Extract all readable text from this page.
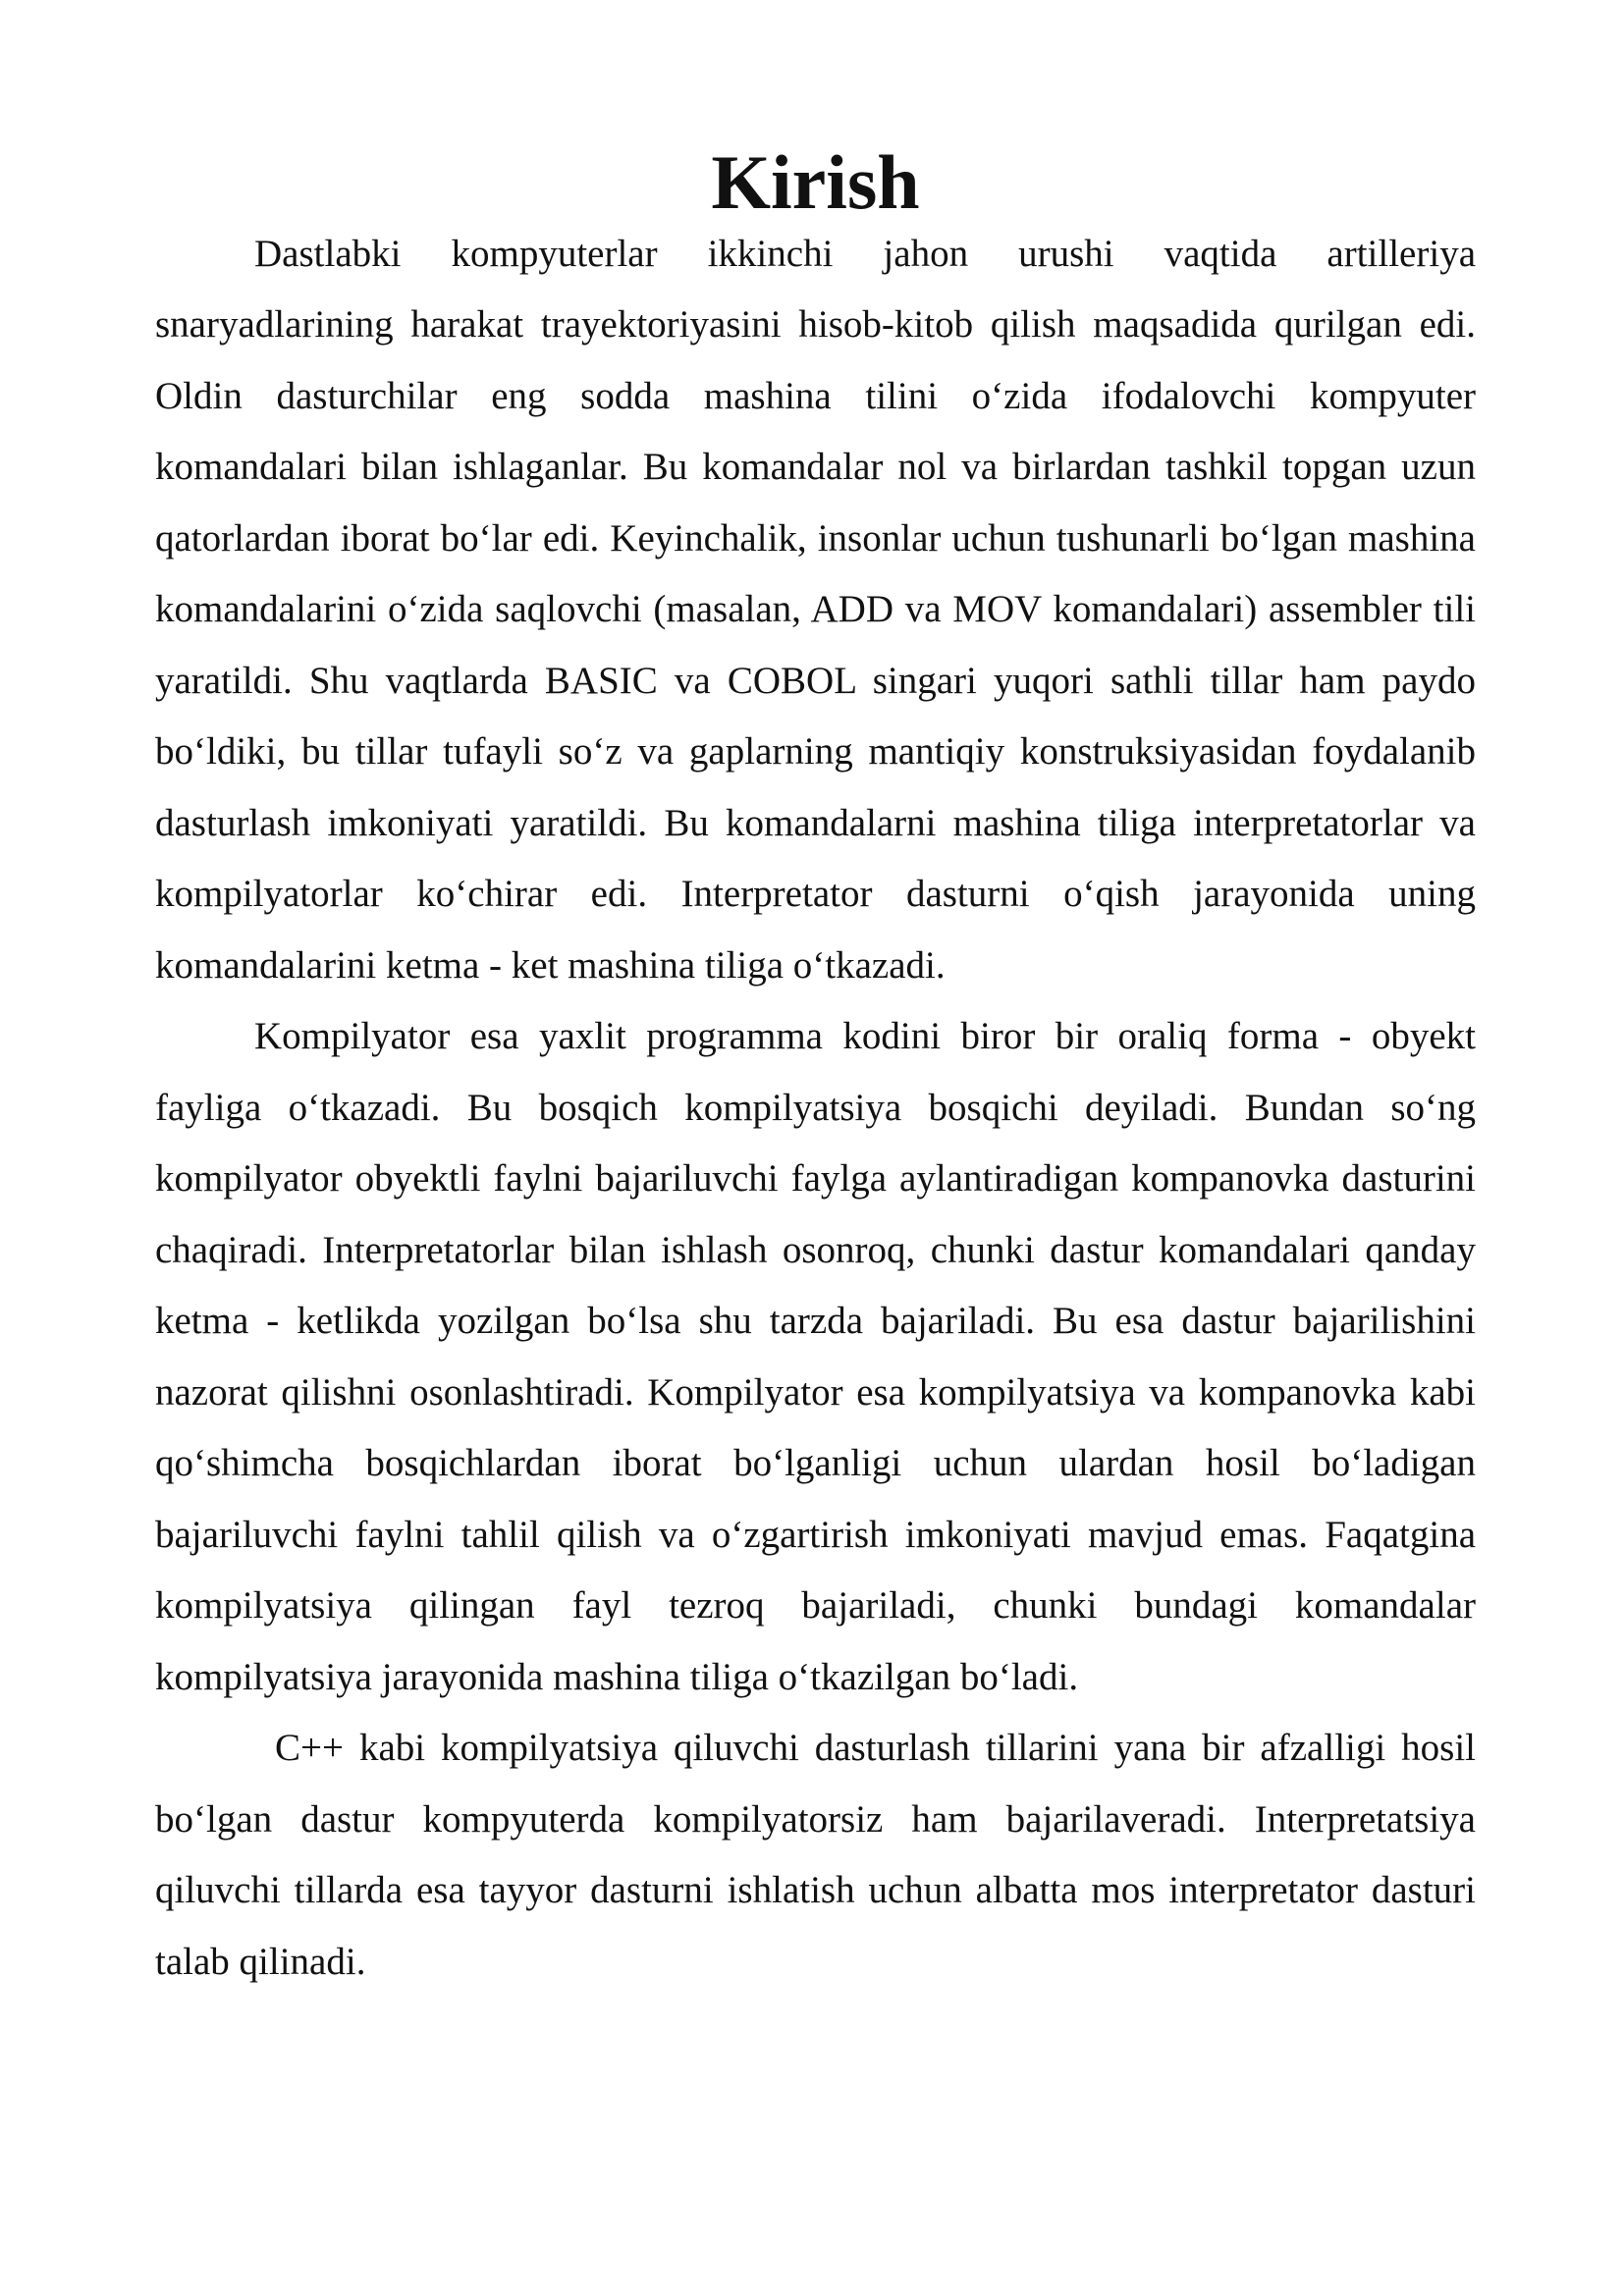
Kirish

Dastlabki kompyuterlar ikkinchi jahon urushi vaqtida artilleriya snaryadlarining harakat trayektoriyasini hisob-kitob qilish maqsadida qurilgan edi. Oldin dasturchilar eng sodda mashina tilini o‘zida ifodalovchi kompyuter komandalari bilan ishlaganlar. Bu komandalar nol va birlardan tashkil topgan uzun qatorlardan iborat bo‘lar edi. Keyinchalik, insonlar uchun tushunarli bo‘lgan mashina komandalarini o‘zida saqlovchi (masalan, ADD va MOV komandalari) assembler tili yaratildi. Shu vaqtlarda BASIC va COBOL singari yuqori sathli tillar ham paydo bo‘ldiki, bu tillar tufayli so‘z va gaplarning mantiqiy konstruksiyasidan foydalanib dasturlash imkoniyati yaratildi. Bu komandalarni mashina tiliga interpretatorlar va kompilyatorlar ko‘chirar edi. Interpretator dasturni o‘qish jarayonida uning komandalarini ketma - ket mashina tiliga o‘tkazadi.

Kompilyator esa yaxlit programma kodini biror bir oraliq forma - obyekt fayliga o‘tkazadi. Bu bosqich kompilyatsiya bosqichi deyiladi. Bundan so‘ng kompilyator obyektli faylni bajariluvchi faylga aylantiradigan kompanovka dasturini chaqiradi. Interpretatorlar bilan ishlash osonroq, chunki dastur komandalari qanday ketma - ketlikda yozilgan bo‘lsa shu tarzda bajariladi. Bu esa dastur bajarilishini nazorat qilishni osonlashtiradi. Kompilyator esa kompilyatsiya va kompanovka kabi qo‘shimcha bosqichlardan iborat bo‘lganligi uchun ulardan hosil bo‘ladigan bajariluvchi faylni tahlil qilish va o‘zgartirish imkoniyati mavjud emas. Faqatgina kompilyatsiya qilingan fayl tezroq bajariladi, chunki bundagi komandalar kompilyatsiya jarayonida mashina tiliga o‘tkazilgan bo‘ladi.

C++ kabi kompilyatsiya qiluvchi dasturlash tillarini yana bir afzalligi hosil bo‘lgan dastur kompyuterda kompilyatorsiz ham bajarilaveradi. Interpretatsiya qiluvchi tillarda esa tayyor dasturni ishlatish uchun albatta mos interpretator dasturi talab qilinadi.
